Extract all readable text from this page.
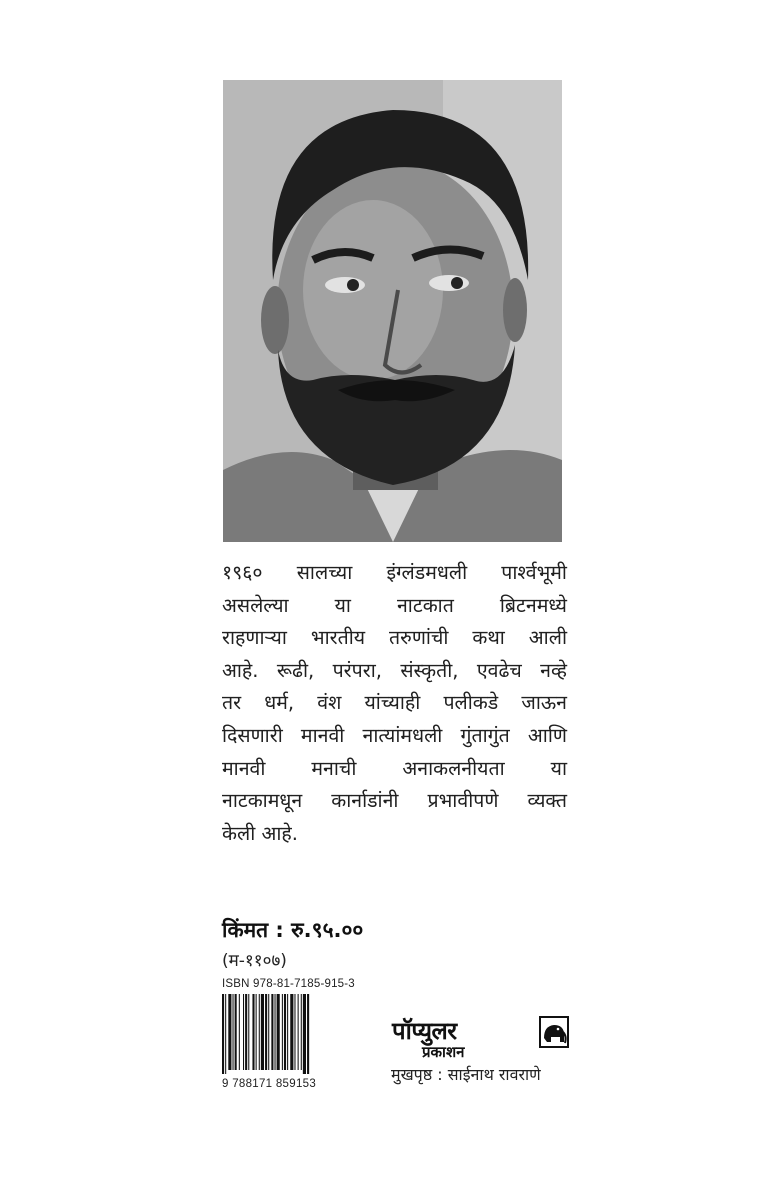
१९६० सालच्या इंग्लंडमधली पार्श्वभूमी
असलेल्या या नाटकात ब्रिटनमध्ये
राहणाऱ्या भारतीय तरुणांची कथा आली
आहे. रूढी, परंपरा, संस्कृती, एवढेच नव्हे
तर धर्म, वंश यांच्याही पलीकडे जाऊन
दिसणारी मानवी नात्यांमधली गुंतागुंत आणि
मानवी मनाची अनाकलनीयता या
नाटकामधून कार्नाडांनी प्रभावीपणे व्यक्त
केली आहे.
किंमत : रु.९५.००
(म-११०७)
ISBN 978-81-7185-915-3
9 788171 859153
पॉप्युलर
प्रकाशन
मुखपृष्ठ : साईनाथ रावराणे
